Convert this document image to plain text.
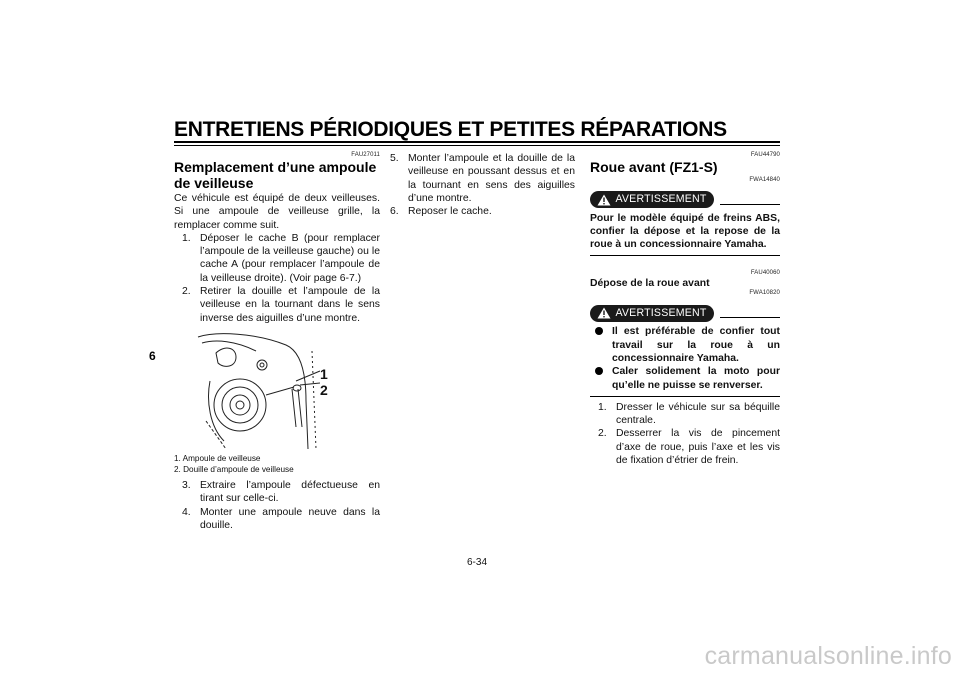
ENTRETIENS PÉRIODIQUES ET PETITES RÉPARATIONS
6
FAU27011
Remplacement d’une ampoule
de veilleuse

Ce véhicule est équipé de deux veilleuses. Si une ampoule de veilleuse grille, la remplacer comme suit.

1. Déposer le cache B (pour remplacer l’ampoule de la veilleuse gauche) ou le cache A (pour remplacer l’ampoule de la veilleuse droite). (Voir page 6-7.)
2. Retirer la douille et l’ampoule de la veilleuse en la tournant dans le sens inverse des aiguilles d’une montre.
1
2
1. Ampoule de veilleuse
2. Douille d’ampoule de veilleuse
3. Extraire l’ampoule défectueuse en tirant sur celle-ci.
4. Monter une ampoule neuve dans la douille.
5. Monter l’ampoule et la douille de la veilleuse en poussant dessus et en la tournant en sens des aiguilles d’une montre.
6. Reposer le cache.
FAU44790
Roue avant (FZ1-S)
FWA14840
AVERTISSEMENT

Pour le modèle équipé de freins ABS, confier la dépose et la repose de la roue à un concessionnaire Yamaha.

FAU40060
Dépose de la roue avant
FWA10820
AVERTISSEMENT
Il est préférable de confier tout travail sur la roue à un concessionnaire Yamaha.
Caler solidement la moto pour qu’elle ne puisse se renverser.
1. Dresser le véhicule sur sa béquille centrale.
2. Desserrer la vis de pincement d’axe de roue, puis l’axe et les vis de fixation d’étrier de frein.
6-34
carmanualsonline.info
